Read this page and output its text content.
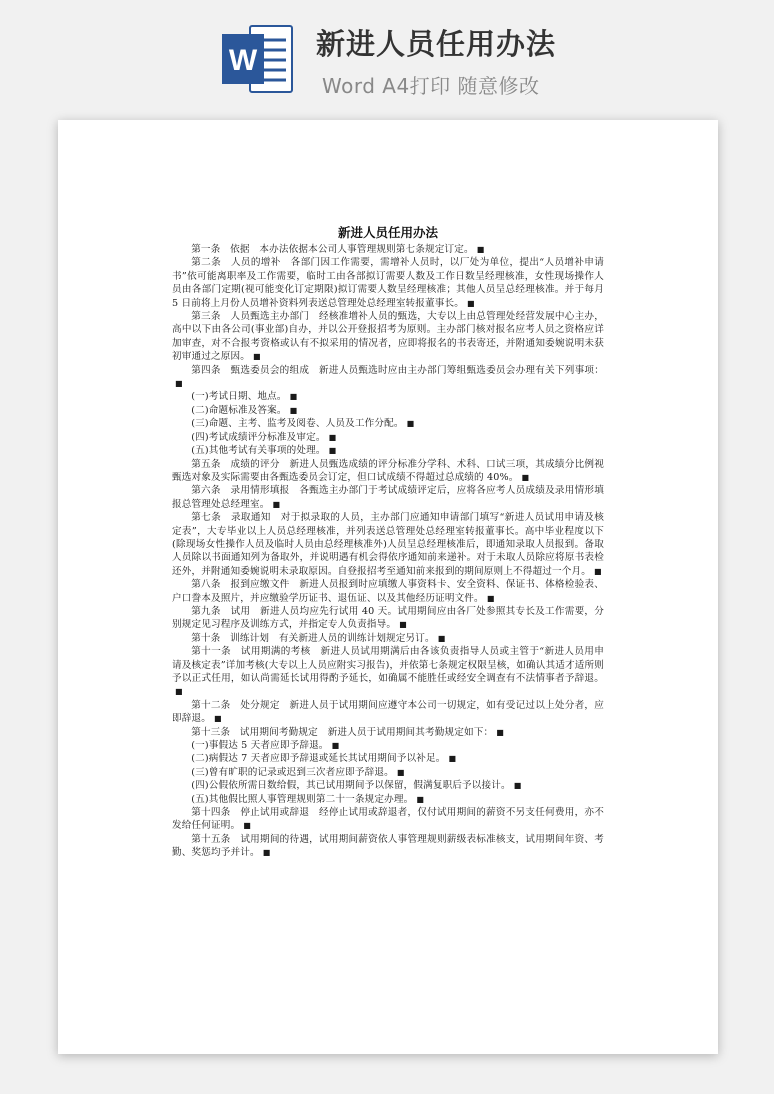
W 新进人员任用办法
Word A4打印 随意修改
新进人员任用办法

第一条　依据　本办法依据本公司人事管理规则第七条规定订定。 ■

第二条　人员的增补　各部门因工作需要，需增补人员时，以厂处为单位，提出“人员增补申请书”依可能离职率及工作需要，临时工由各部拟订需要人数及工作日数呈经理核准，女性现场操作人员由各部门定期(视可能变化订定期限)拟订需要人数呈经理核准；其他人员呈总经理核准。并于每月 5 日前将上月份人员增补资料列表送总管理处总经理室转报董事长。 ■

第三条　人员甄选主办部门　经核准增补人员的甄选，大专以上由总管理处经营发展中心主办，高中以下由各公司(事业部)自办，并以公开登报招考为原则。主办部门核对报名应考人员之资格应详加审查，对不合报考资格或认有不拟采用的情况者，应即将报名的书表寄还，并附通知委婉说明未获初审通过之原因。 ■

第四条　甄选委员会的组成　新进人员甄选时应由主办部门筹组甄选委员会办理有关下列事项：■

(一)考试日期、地点。 ■

(二)命题标准及答案。 ■

(三)命题、主考、监考及阅卷、人员及工作分配。 ■

(四)考试成绩评分标准及审定。 ■

(五)其他考试有关事项的处理。 ■

第五条　成绩的评分　新进人员甄选成绩的评分标准分学科、术科、口试三项，其成绩分比例视甄选对象及实际需要由各甄选委员会订定，但口试成绩不得超过总成绩的 40%。 ■

第六条　录用情形填报　各甄选主办部门于考试成绩评定后，应将各应考人员成绩及录用情形填报总管理处总经理室。 ■

第七条　录取通知　对于拟录取的人员，主办部门应通知申请部门填写“新进人员试用申请及核定表”，大专毕业以上人员总经理核准，并列表送总管理处总经理室转报董事长。高中毕业程度以下(除现场女性操作人员及临时人员由总经理核准外)人员呈总经理核准后，即通知录取人员报到。备取人员除以书面通知列为备取外，并说明遇有机会得依序通知前来递补。对于未取人员除应将原书表检还外，并附通知委婉说明未录取原因。自登报招考至通知前来报到的期间原则上不得超过一个月。 ■

第八条　报到应缴文件　新进人员报到时应填缴人事资料卡、安全资料、保证书、体格检验表、户口誊本及照片，并应缴验学历证书、退伍证、以及其他经历证明文件。 ■

第九条　试用　新进人员均应先行试用 40 天。试用期间应由各厂处参照其专长及工作需要，分别规定见习程序及训练方式，并指定专人负责指导。 ■

第十条　训练计划　有关新进人员的训练计划规定另订。 ■

第十一条　试用期满的考核　新进人员试用期满后由各该负责指导人员或主管于“新进人员用申请及核定表”详加考核(大专以上人员应附实习报告)，并依第七条规定权限呈核，如确认其适才适所则予以正式任用，如认尚需延长试用得酌予延长，如确属不能胜任或经安全调查有不法情事者予辞退。■

第十二条　处分规定　新进人员于试用期间应遵守本公司一切规定，如有受记过以上处分者，应即辞退。 ■

第十三条　试用期间考勤规定　新进人员于试用期间其考勤规定如下： ■

(一)事假达 5 天者应即予辞退。 ■

(二)病假达 7 天者应即予辞退或延长其试用期间予以补足。 ■

(三)曾有旷职的记录或迟到三次者应即予辞退。 ■

(四)公假依所需日数给假，其已试用期间予以保留，假满复职后予以接计。 ■

(五)其他假比照人事管理规则第二十一条规定办理。 ■

第十四条　停止试用或辞退　经停止试用或辞退者，仅付试用期间的薪资不另支任何费用，亦不发给任何证明。 ■

第十五条　试用期间的待遇，试用期间薪资依人事管理规则薪级表标准核支，试用期间年资、考勤、奖惩均予并计。 ■
